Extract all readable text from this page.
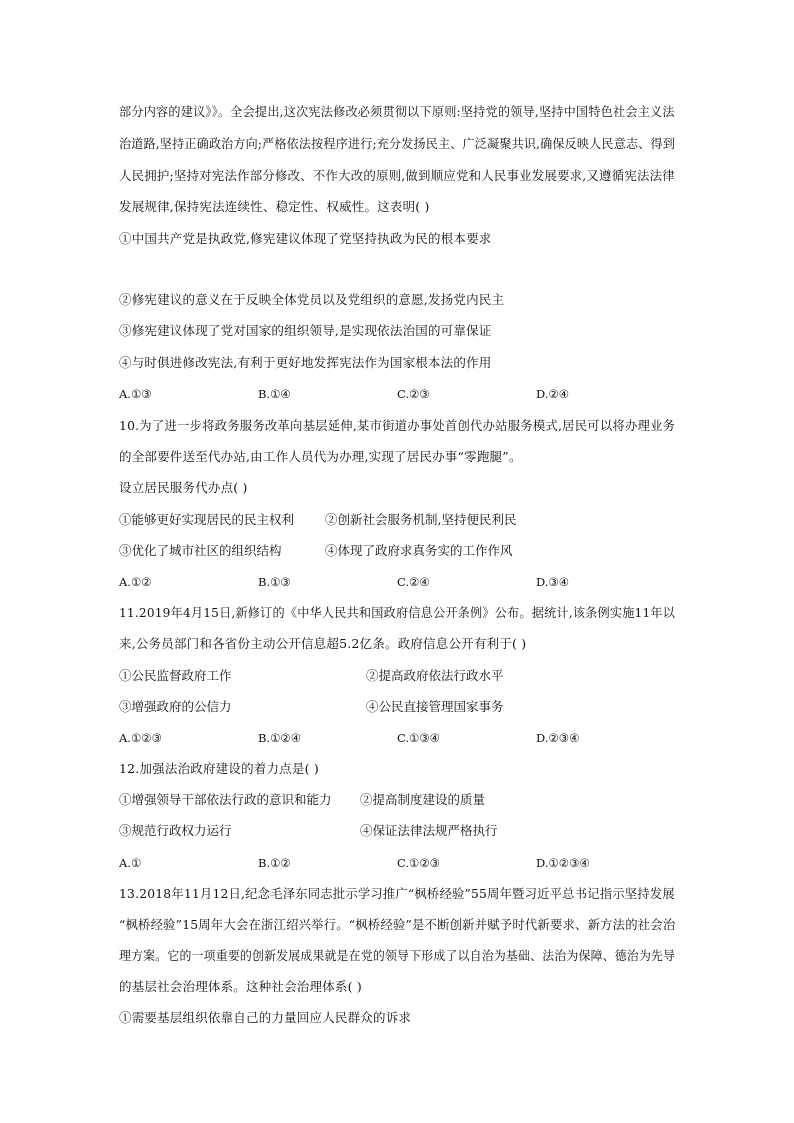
部分内容的建议》》。全会提出,这次宪法修改必须贯彻以下原则:坚持党的领导,坚持中国特色社会主义法
治道路,坚持正确政治方向;严格依法按程序进行;充分发扬民主、广泛凝聚共识,确保反映人民意志、得到
人民拥护;坚持对宪法作部分修改、不作大改的原则,做到顺应党和人民事业发展要求,又遵循宪法法律
发展规律,保持宪法连续性、稳定性、权威性。这表明( )
①中国共产党是执政党,修宪建议体现了党坚持执政为民的根本要求
②修宪建议的意义在于反映全体党员以及党组织的意愿,发扬党内民主
③修宪建议体现了党对国家的组织领导,是实现依法治国的可靠保证
④与时俱进修改宪法,有利于更好地发挥宪法作为国家根本法的作用
A.①③	B.①④	C.②③	D.②④
10.为了进一步将政务服务改革向基层延伸,某市街道办事处首创代办站服务模式,居民可以将办理业务
的全部要件送至代办站,由工作人员代为办理,实现了居民办事“零跑腿”。
设立居民服务代办点( )
①能够更好实现居民的民主权利 ②创新社会服务机制,坚持便民利民
③优化了城市社区的组织结构	④体现了政府求真务实的工作作风
A.①②	B.①③	C.②④	D.③④
11.2019年4月15日,新修订的《中华人民共和国政府信息公开条例》公布。据统计,该条例实施11年以
来,公务员部门和各省份主动公开信息超5.2亿条。政府信息公开有利于( )
①公民监督政府工作	②提高政府依法行政水平
③增强政府的公信力	④公民直接管理国家事务
A.①②③	B.①②④	C.①③④	D.②③④
12.加强法治政府建设的着力点是( )
①增强领导干部依法行政的意识和能力 ②提高制度建设的质量
③规范行政权力运行	④保证法律法规严格执行
A.①	B.①②	C.①②③	D.①②③④
13.2018年11月12日,纪念毛泽东同志批示学习推广“枫桥经验”55周年暨习近平总书记指示坚持发展
“枫桥经验”15周年大会在浙江绍兴举行。“枫桥经验”是不断创新并赋予时代新要求、新方法的社会治
理方案。它的一项重要的创新发展成果就是在党的领导下形成了以自治为基础、法治为保障、德治为先导
的基层社会治理体系。这种社会治理体系( )
①需要基层组织依靠自己的力量回应人民群众的诉求
